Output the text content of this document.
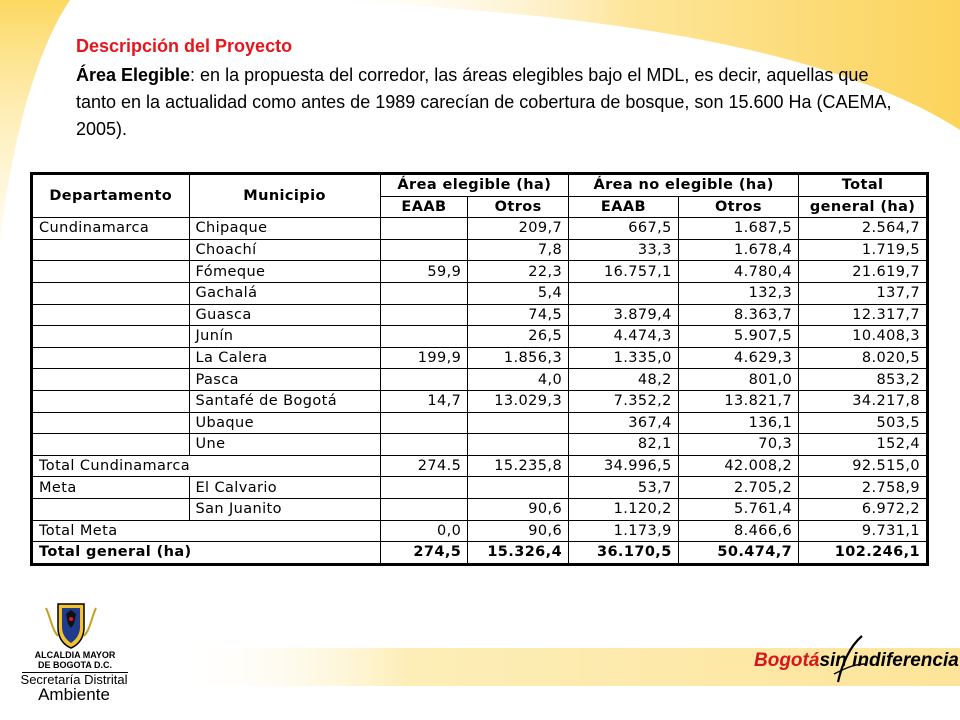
Descripción del Proyecto
Área Elegible: en la propuesta del corredor, las áreas elegibles bajo el MDL, es decir, aquellas que tanto en la actualidad como antes de 1989 carecían de cobertura de bosque, son 15.600 Ha (CAEMA, 2005).
Departamento	Municipio	Área elegible (ha)		Área no elegible (ha)		Total
		EAAB	Otros	EAAB	Otros	general (ha)
Cundinamarca	Chipaque		209,7	667,5	1.687,5	2.564,7
	Choachí		7,8	33,3	1.678,4	1.719,5
	Fómeque	59,9	22,3	16.757,1	4.780,4	21.619,7
	Gachalá		5,4		132,3	137,7
	Guasca		74,5	3.879,4	8.363,7	12.317,7
	Junín		26,5	4.474,3	5.907,5	10.408,3
	La Calera	199,9	1.856,3	1.335,0	4.629,3	8.020,5
	Pasca		4,0	48,2	801,0	853,2
	Santafé de Bogotá	14,7	13.029,3	7.352,2	13.821,7	34.217,8
	Ubaque			367,4	136,1	503,5
	Une			82,1	70,3	152,4
Total Cundinamarca		274.5	15.235,8	34.996,5	42.008,2	92.515,0
Meta	El Calvario			53,7	2.705,2	2.758,9
	San Juanito		90,6	1.120,2	5.761,4	6.972,2
Total Meta		0,0	90,6	1.173,9	8.466,6	9.731,1
Total general (ha)		274,5	15.326,4	36.170,5	50.474,7	102.246,1
ALCALDIA MAYOR
DE BOGOTA D.C.
Secretaría Distrital
Ambiente
Bogotásin indiferencia
